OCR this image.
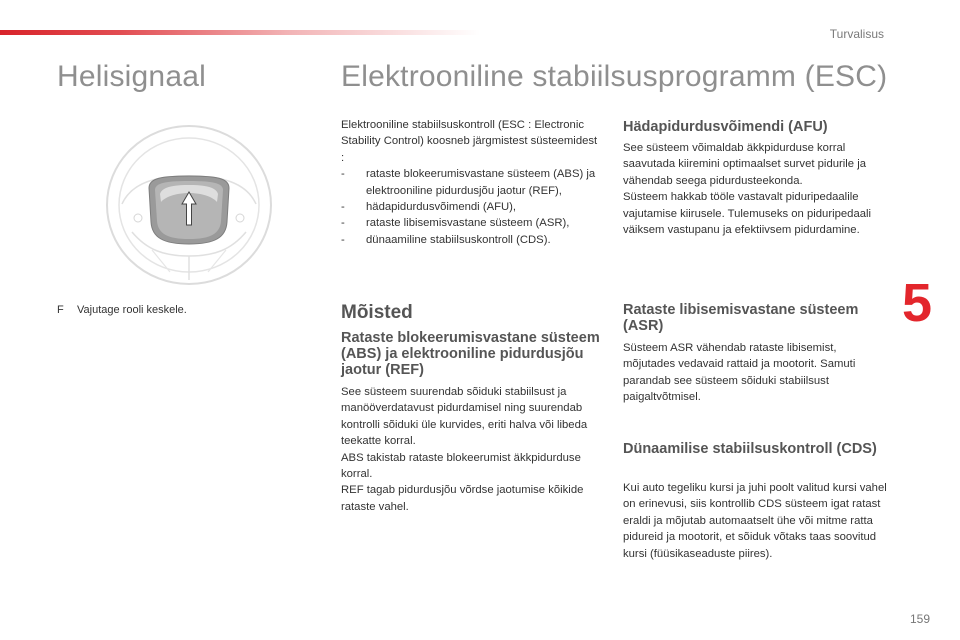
Turvalisus
Helisignaal	Elektrooniline stabiilsusprogramm (ESC)
F Vajutage rooli keskele.
Elektrooniline stabiilsuskontroll (ESC : Electronic Stability Control) koosneb järgmistest süsteemidest :
- rataste blokeerumisvastane süsteem (ABS) ja elektrooniline pidurdusjõu jaotur (REF),
- hädapidurdusvõimendi (AFU),
- rataste libisemisvastane süsteem (ASR),
- dünaamiline stabiilsuskontroll (CDS).
Mõisted
Rataste blokeerumisvastane süsteem (ABS) ja elektrooniline pidurdusjõu jaotur (REF)

See süsteem suurendab sõiduki stabiilsust ja manööverdatavust pidurdamisel ning suurendab kontrolli sõiduki üle kurvides, eriti halva või libeda teekatte korral.
ABS takistab rataste blokeerumist äkkpidurduse korral.
REF tagab pidurdusjõu võrdse jaotumise kõikide rataste vahel.

Hädapidurdusvõimendi (AFU)

See süsteem võimaldab äkkpidurduse korral saavutada kiiremini optimaalset survet pidurile ja vähendab seega pidurdusteekonda.
Süsteem hakkab tööle vastavalt piduripedaalile vajutamise kiirusele. Tulemuseks on piduripedaali väiksem vastupanu ja efektiivsem pidurdamine.

Rataste libisemisvastane süsteem (ASR)

Süsteem ASR vähendab rataste libisemist, mõjutades vedavaid rattaid ja mootorit. Samuti parandab see süsteem sõiduki stabiilsust paigaltvõtmisel.

Dünaamilise stabiilsuskontroll (CDS)

Kui auto tegeliku kursi ja juhi poolt valitud kursi vahel on erinevusi, siis kontrollib CDS süsteem igat ratast eraldi ja mõjutab automaatselt ühe või mitme ratta pidureid ja mootorit, et sõiduk võtaks taas soovitud kursi (füüsikaseaduste piires).

5
159
